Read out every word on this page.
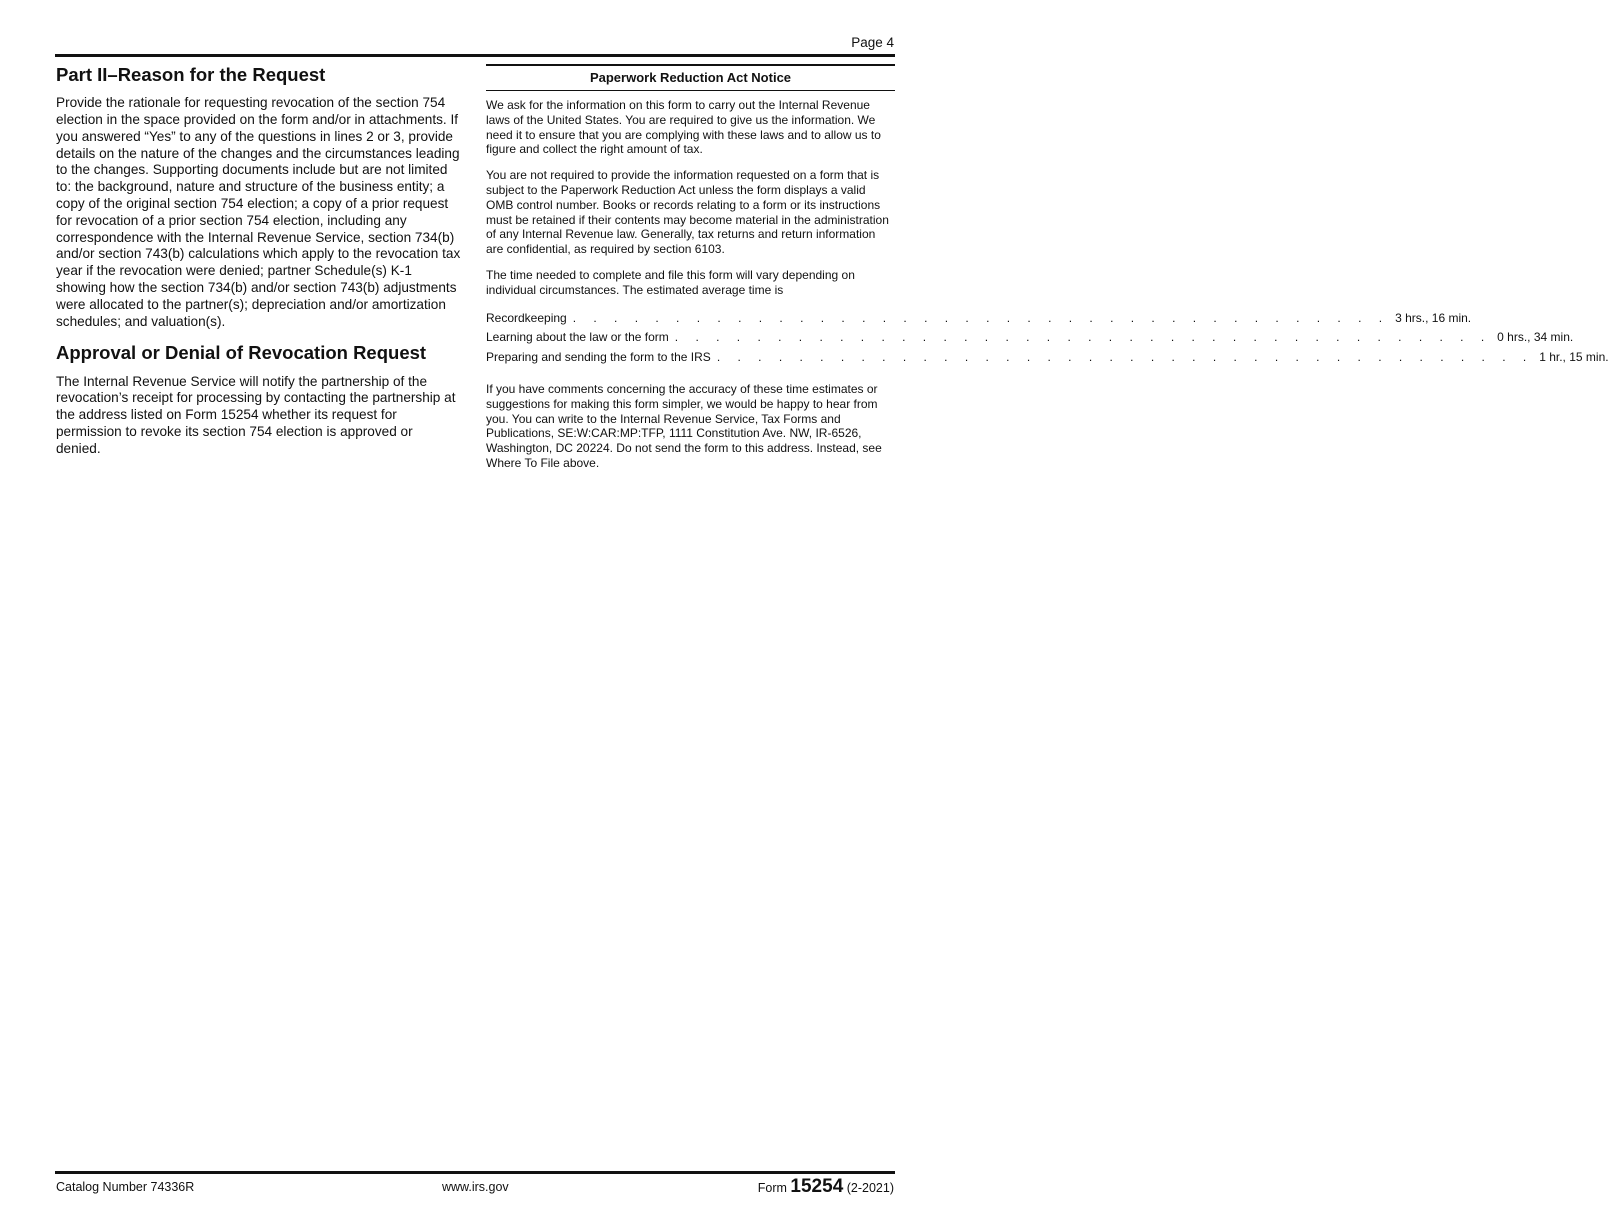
Page 4
Part II–Reason for the Request

Provide the rationale for requesting revocation of the section 754 election in the space provided on the form and/or in attachments. If you answered “Yes” to any of the questions in lines 2 or 3, provide details on the nature of the changes and the circumstances leading to the changes. Supporting documents include but are not limited to: the background, nature and structure of the business entity; a copy of the original section 754 election; a copy of a prior request for revocation of a prior section 754 election, including any correspondence with the Internal Revenue Service, section 734(b) and/or section 743(b) calculations which apply to the revocation tax year if the revocation were denied; partner Schedule(s) K-1 showing how the section 734(b) and/or section 743(b) adjustments were allocated to the partner(s); depreciation and/or amortization schedules; and valuation(s).

Approval or Denial of Revocation Request

The Internal Revenue Service will notify the partnership of the revocation’s receipt for processing by contacting the partnership at the address listed on Form 15254 whether its request for permission to revoke its section 754 election is approved or denied.

Paperwork Reduction Act Notice

We ask for the information on this form to carry out the Internal Revenue laws of the United States. You are required to give us the information. We need it to ensure that you are complying with these laws and to allow us to figure and collect the right amount of tax.

You are not required to provide the information requested on a form that is subject to the Paperwork Reduction Act unless the form displays a valid OMB control number. Books or records relating to a form or its instructions must be retained if their contents may become material in the administration of any Internal Revenue law. Generally, tax returns and return information are confidential, as required by section 6103.

The time needed to complete and file this form will vary depending on individual circumstances. The estimated average time is

Recordkeeping . . . . . . . . . . . . . . . . . . . . . . . . . . . . . . . . . . . . . . . . 3 hrs., 16 min.
Learning about the law or the form . . . . . . . . . . . . . . . . . . . . . . . . . . . . . . . . . . . . . . . . 0 hrs., 34 min.
Preparing and sending the form to the IRS . . . . . . . . . . . . . . . . . . . . . . . . . . . . . . . . . . . . . . . . 1 hr., 15 min.

If you have comments concerning the accuracy of these time estimates or suggestions for making this form simpler, we would be happy to hear from you. You can write to the Internal Revenue Service, Tax Forms and Publications, SE:W:CAR:MP:TFP, 1111 Constitution Ave. NW, IR-6526, Washington, DC 20224. Do not send the form to this address. Instead, see Where To File above.

Catalog Number 74336R	www.irs.gov	Form 15254 (2-2021)
